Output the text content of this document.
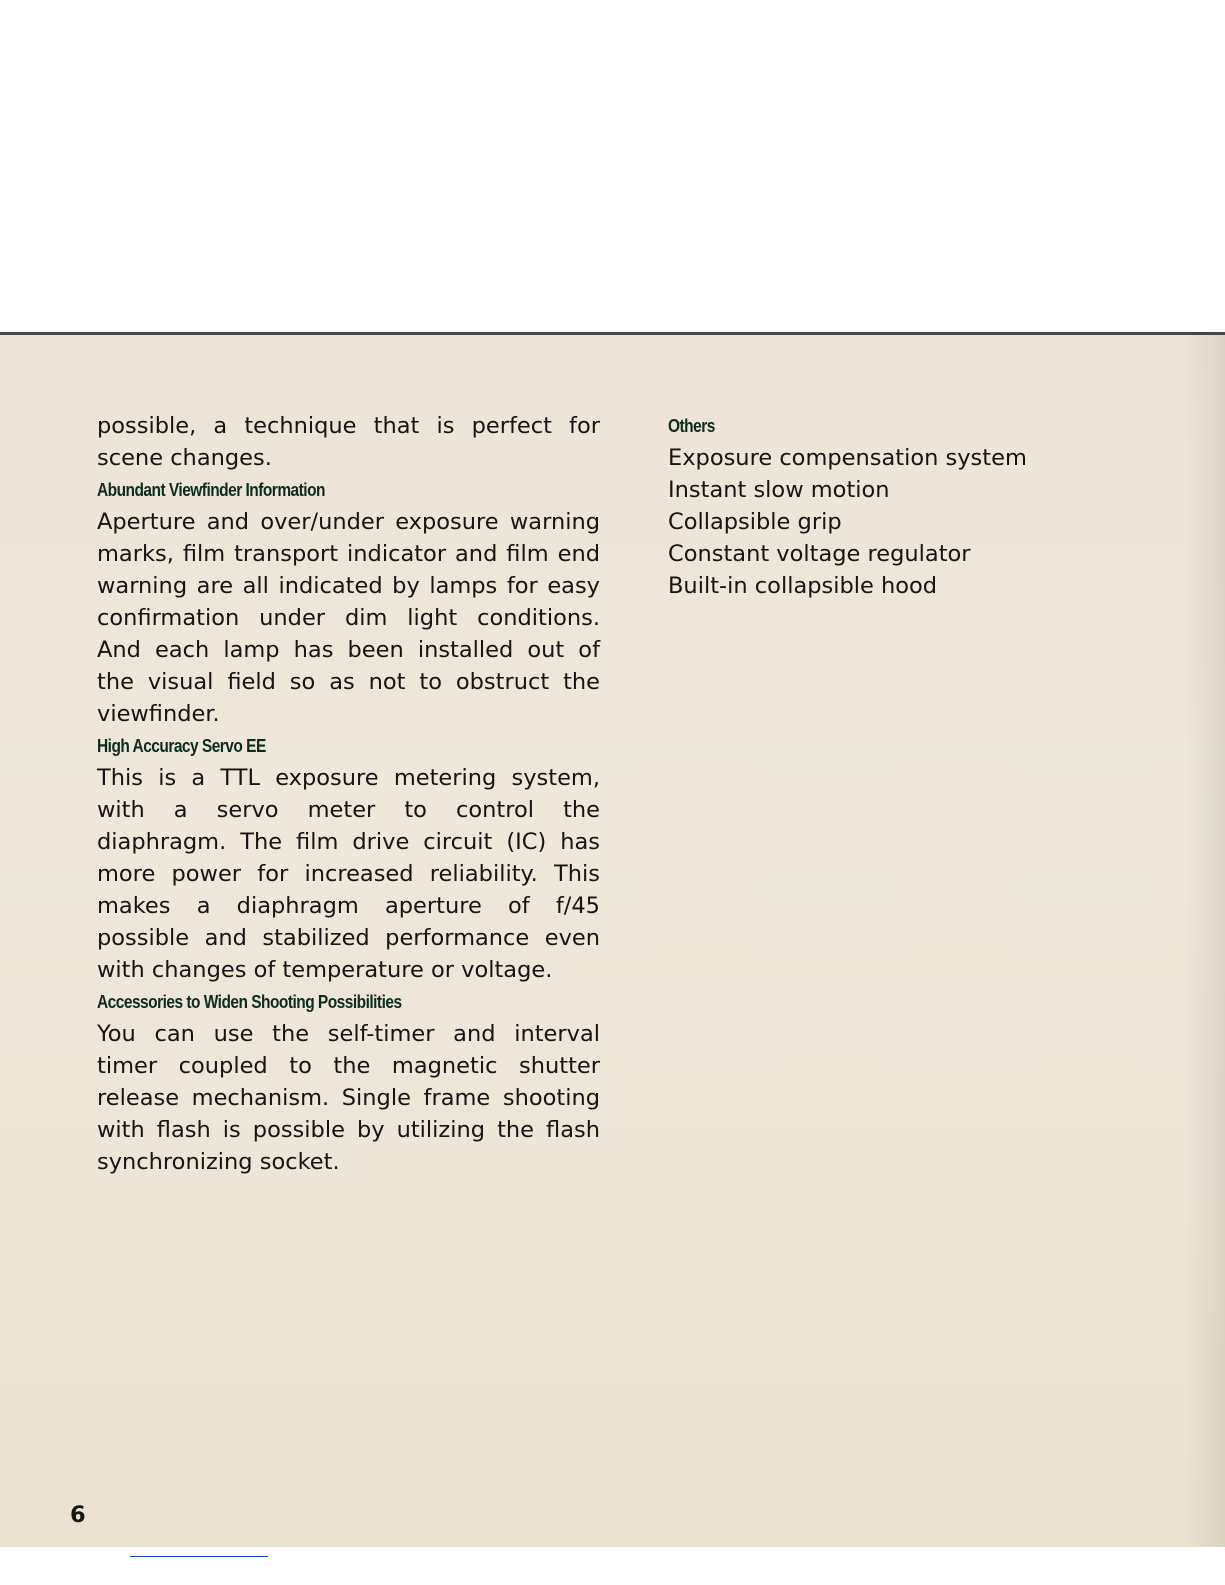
possible, a technique that is perfect for
scene changes.
Abundant Viewfinder Information
Aperture and over/under exposure warning
marks, film transport indicator and film end
warning are all indicated by lamps for easy
confirmation under dim light conditions.
And each lamp has been installed out of
the visual field so as not to obstruct the
viewfinder.
High Accuracy Servo EE
This is a TTL exposure metering system,
with a servo meter to control the
diaphragm. The film drive circuit (IC) has
more power for increased reliability. This
makes a diaphragm aperture of f/45
possible and stabilized performance even
with changes of temperature or voltage.
Accessories to Widen Shooting Possibilities
You can use the self-timer and interval
timer coupled to the magnetic shutter
release mechanism. Single frame shooting
with flash is possible by utilizing the flash
synchronizing socket.
Others
Exposure compensation system
Instant slow motion
Collapsible grip
Constant voltage regulator
Built-in collapsible hood
6
